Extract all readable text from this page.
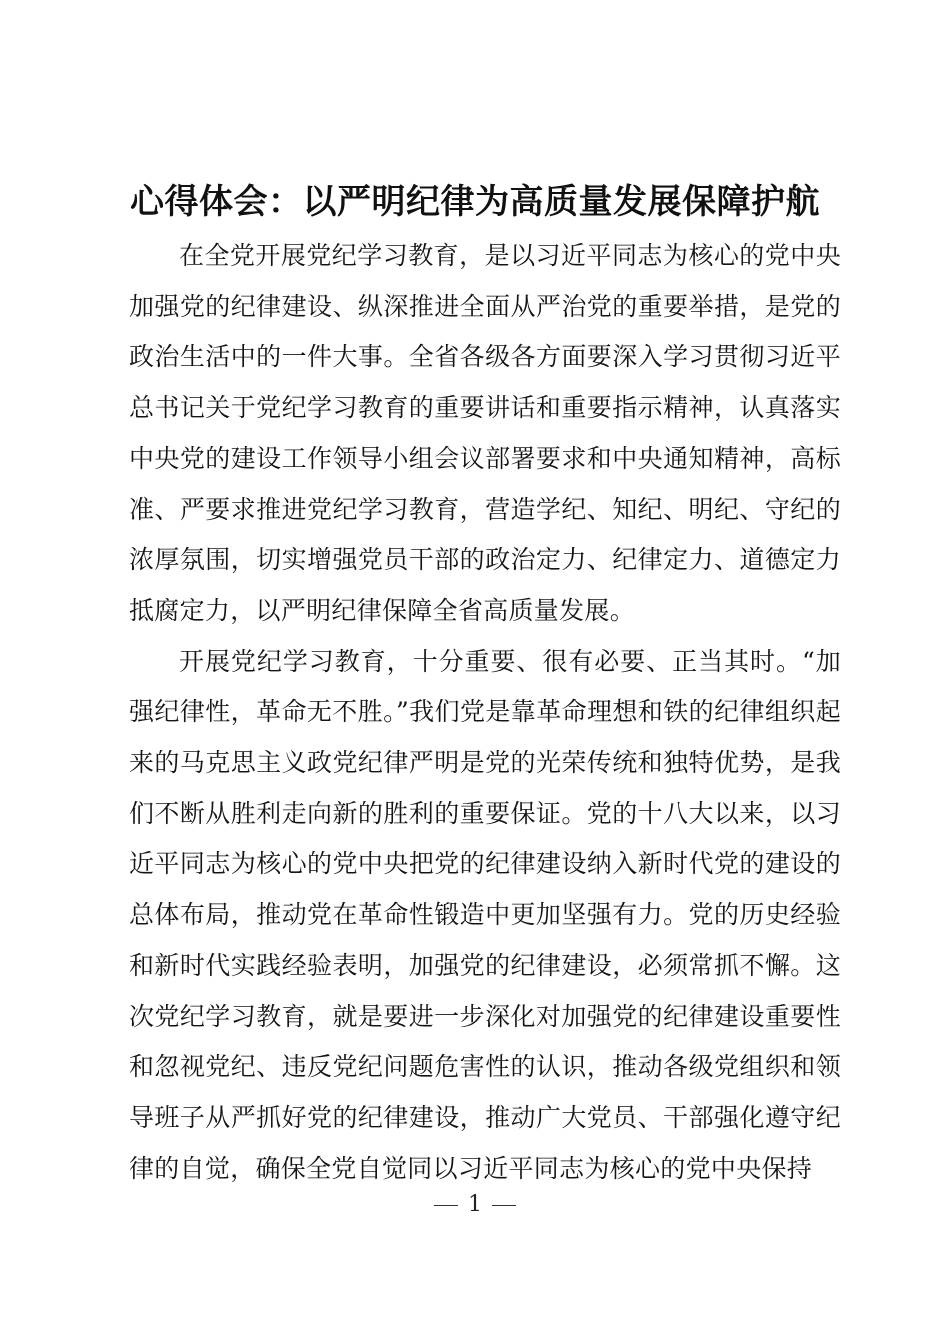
心得体会：以严明纪律为高质量发展保障护航

在全党开展党纪学习教育，是以习近平同志为核心的党中央加强党的纪律建设、纵深推进全面从严治党的重要举措，是党的政治生活中的一件大事。全省各级各方面要深入学习贯彻习近平总书记关于党纪学习教育的重要讲话和重要指示精神，认真落实中央党的建设工作领导小组会议部署要求和中央通知精神，高标准、严要求推进党纪学习教育，营造学纪、知纪、明纪、守纪的浓厚氛围，切实增强党员干部的政治定力、纪律定力、道德定力抵腐定力，以严明纪律保障全省高质量发展。

开展党纪学习教育，十分重要、很有必要、正当其时。“加强纪律性，革命无不胜。”我们党是靠革命理想和铁的纪律组织起来的马克思主义政党纪律严明是党的光荣传统和独特优势，是我们不断从胜利走向新的胜利的重要保证。党的十八大以来，以习近平同志为核心的党中央把党的纪律建设纳入新时代党的建设的总体布局，推动党在革命性锻造中更加坚强有力。党的历史经验和新时代实践经验表明，加强党的纪律建设，必须常抓不懈。这次党纪学习教育，就是要进一步深化对加强党的纪律建设重要性和忽视党纪、违反党纪问题危害性的认识，推动各级党组织和领导班子从严抓好党的纪律建设，推动广大党员、干部强化遵守纪律的自觉，确保全党自觉同以习近平同志为核心的党中央保持

1
